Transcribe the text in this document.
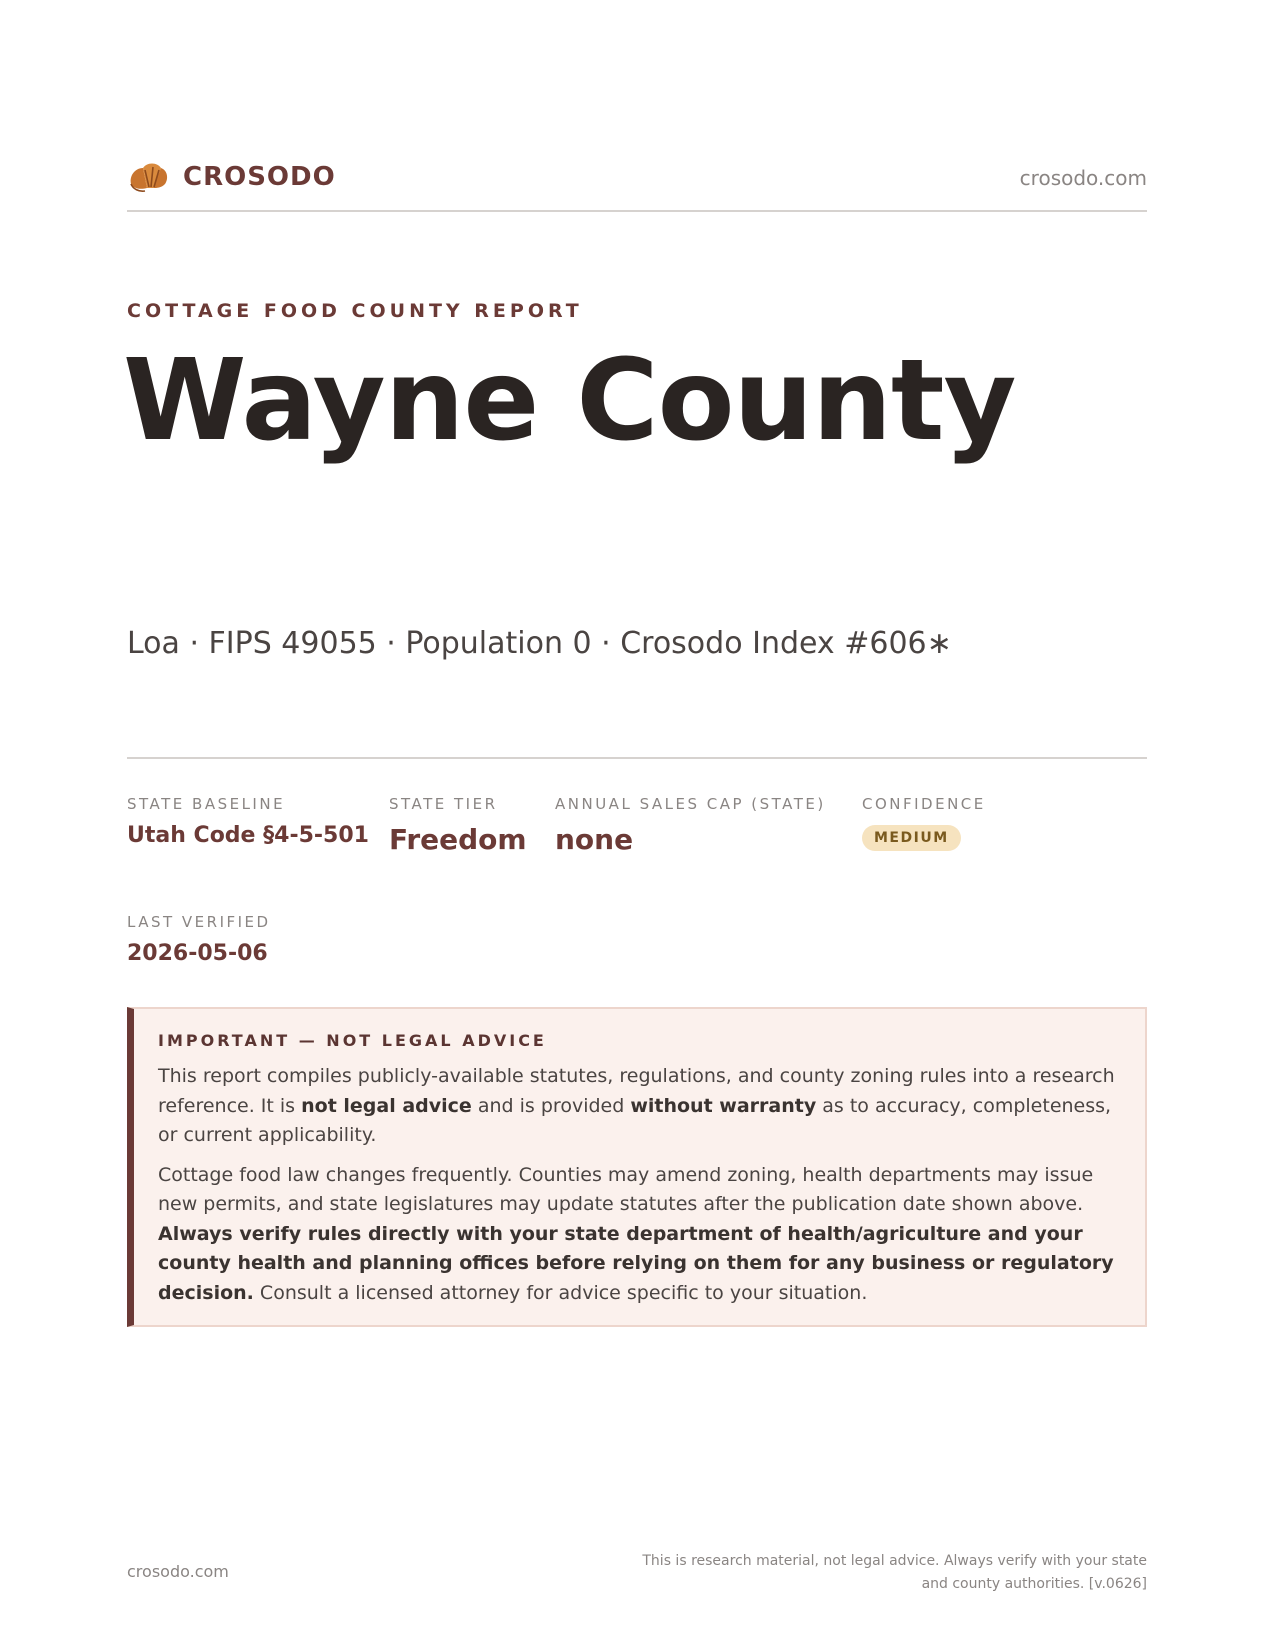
CROSODO	crosodo.com
COTTAGE FOOD COUNTY REPORT
Wayne County
Loa · FIPS 49055 · Population 0 · Crosodo Index #606∗
STATE BASELINE
Utah Code §4-5-501
STATE TIER
Freedom
ANNUAL SALES CAP (STATE)
none
CONFIDENCE
MEDIUM
LAST VERIFIED
2026-05-06
IMPORTANT — NOT LEGAL ADVICE

This report compiles publicly-available statutes, regulations, and county zoning rules into a research reference. It is not legal advice and is provided without warranty as to accuracy, completeness, or current applicability.

Cottage food law changes frequently. Counties may amend zoning, health departments may issue new permits, and state legislatures may update statutes after the publication date shown above. Always verify rules directly with your state department of health/agriculture and your county health and planning offices before relying on them for any business or regulatory decision. Consult a licensed attorney for advice specific to your situation.

crosodo.com
This is research material, not legal advice. Always verify with your state
and county authorities. [v.0626]
